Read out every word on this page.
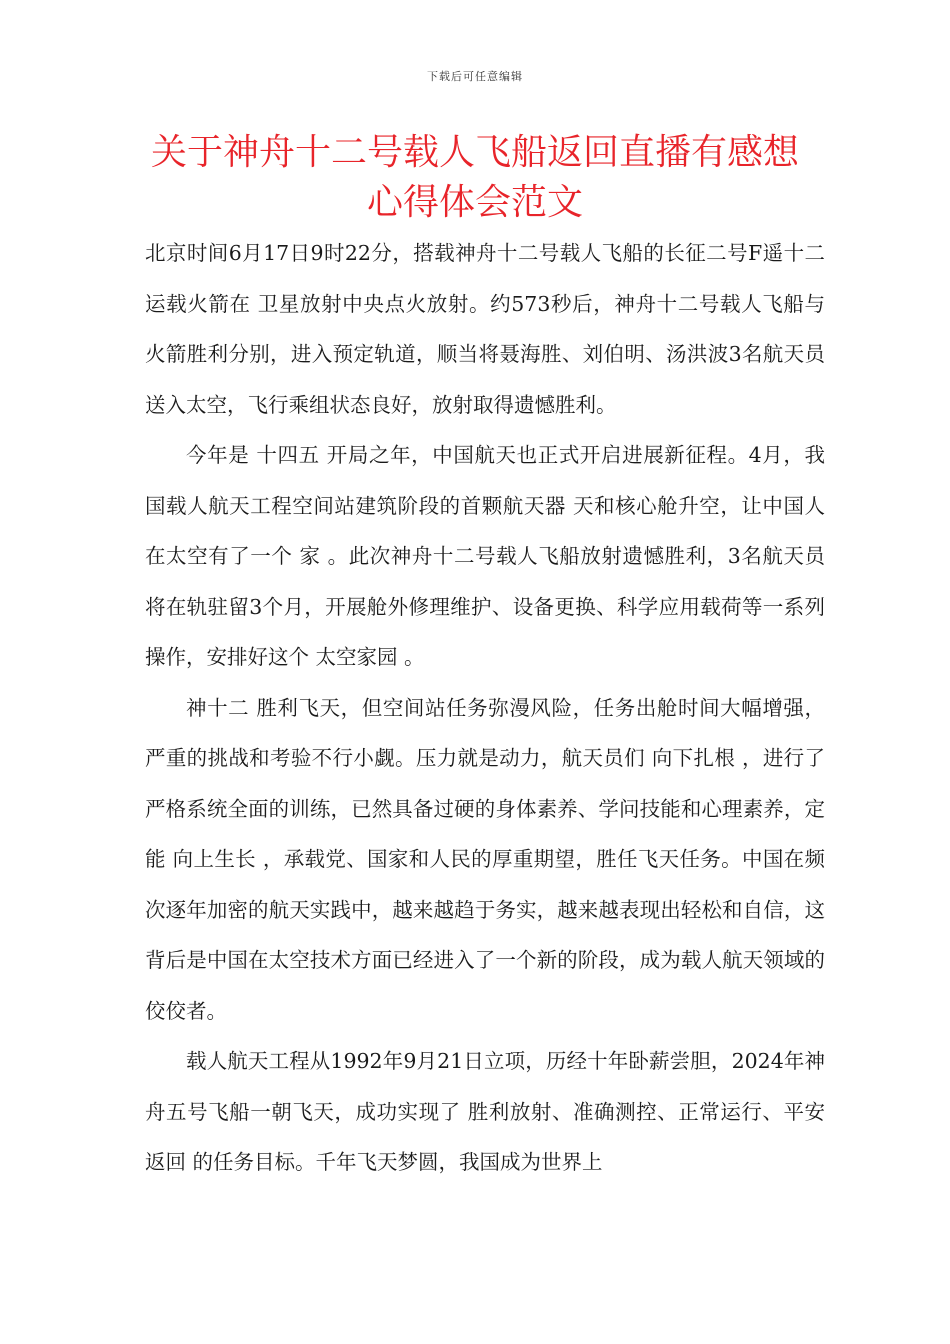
下载后可任意编辑
关于神舟十二号载人飞船返回直播有感想
心得体会范文

北京时间6月17日9时22分，搭载神舟十二号载人飞船的长征二号F遥十二运载火箭在 卫星放射中央点火放射。约573秒后，神舟十二号载人飞船与火箭胜利分别，进入预定轨道，顺当将聂海胜、刘伯明、汤洪波3名航天员送入太空，飞行乘组状态良好，放射取得遗憾胜利。

今年是 十四五 开局之年，中国航天也正式开启进展新征程。4月，我国载人航天工程空间站建筑阶段的首颗航天器 天和核心舱升空，让中国人在太空有了一个 家 。此次神舟十二号载人飞船放射遗憾胜利，3名航天员将在轨驻留3个月，开展舱外修理维护、设备更换、科学应用载荷等一系列操作，安排好这个 太空家园 。

神十二 胜利飞天，但空间站任务弥漫风险，任务出舱时间大幅增强，严重的挑战和考验不行小觑。压力就是动力，航天员们 向下扎根 ，进行了严格系统全面的训练，已然具备过硬的身体素养、学问技能和心理素养，定能 向上生长 ，承载党、国家和人民的厚重期望，胜任飞天任务。中国在频次逐年加密的航天实践中，越来越趋于务实，越来越表现出轻松和自信，这背后是中国在太空技术方面已经进入了一个新的阶段，成为载人航天领域的佼佼者。

载人航天工程从1992年9月21日立项，历经十年卧薪尝胆，2024年神舟五号飞船一朝飞天，成功实现了 胜利放射、准确测控、正常运行、平安返回 的任务目标。千年飞天梦圆，我国成为世界上
